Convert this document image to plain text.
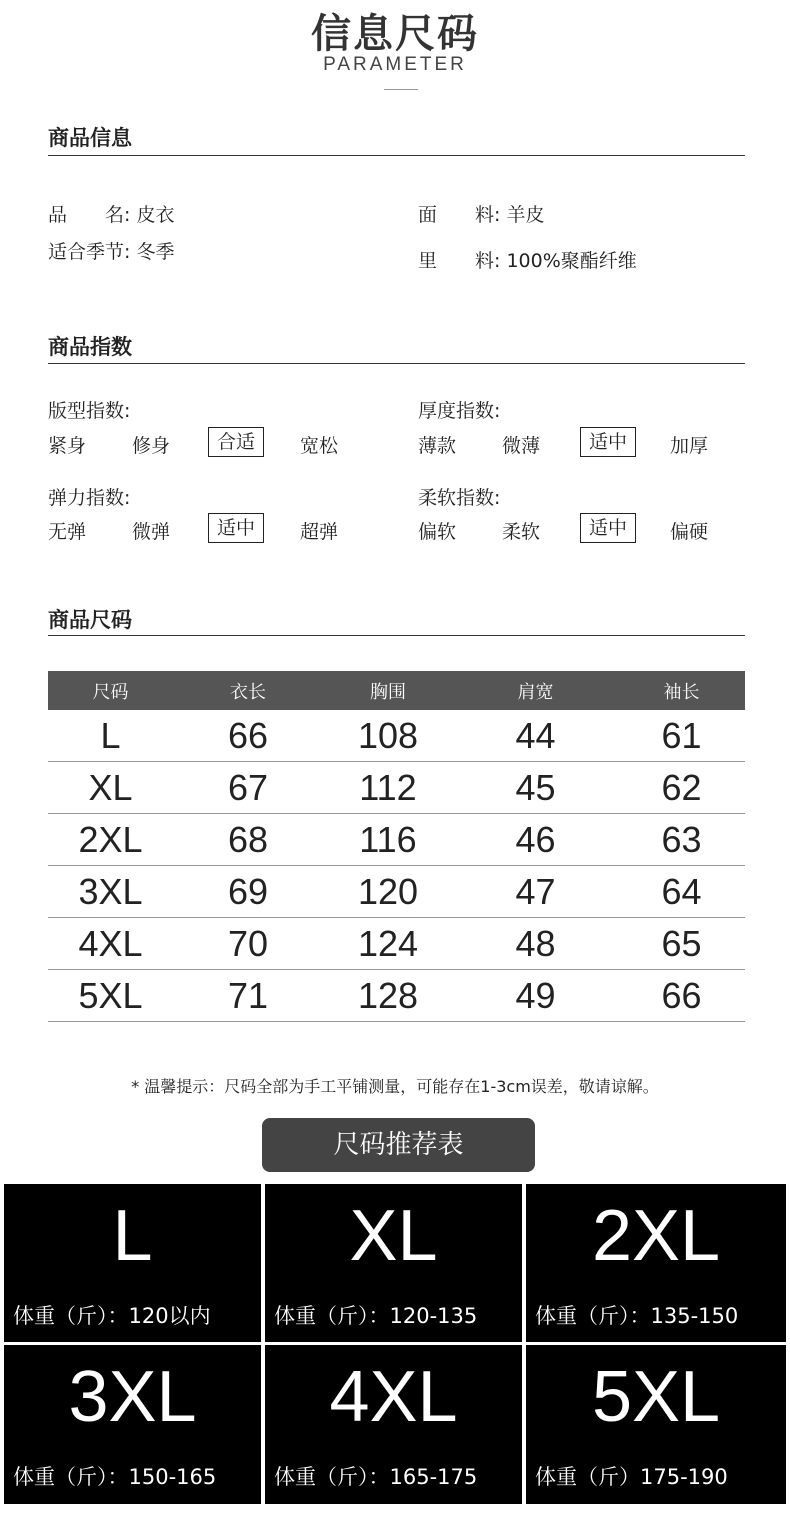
信息尺码
PARAMETER
商品信息
品　　名: 皮衣
适合季节: 冬季
面　　料: 羊皮
里　　料: 100%聚酯纤维
商品指数
版型指数:
紧身 修身	合适	宽松
厚度指数:
薄款 微薄	适中	加厚
弹力指数:
无弹 微弹	适中	超弹
柔软指数:
偏软 柔软	适中	偏硬
商品尺码
尺码	衣长	胸围	肩宽	袖长
L	66	108	44	61
XL	67	112	45	62
2XL	68	116	46	63
3XL	69	120	47	64
4XL	70	124	48	65
5XL	71	128	49	66
* 温馨提示：尺码全部为手工平铺测量，可能存在1-3cm误差，敬请谅解。
尺码推荐表
L
体重（斤）：120以内
XL
体重（斤）：120-135
2XL
体重（斤）：135-150
3XL
体重（斤）：150-165
4XL
体重（斤）：165-175
5XL
体重（斤）175-190
